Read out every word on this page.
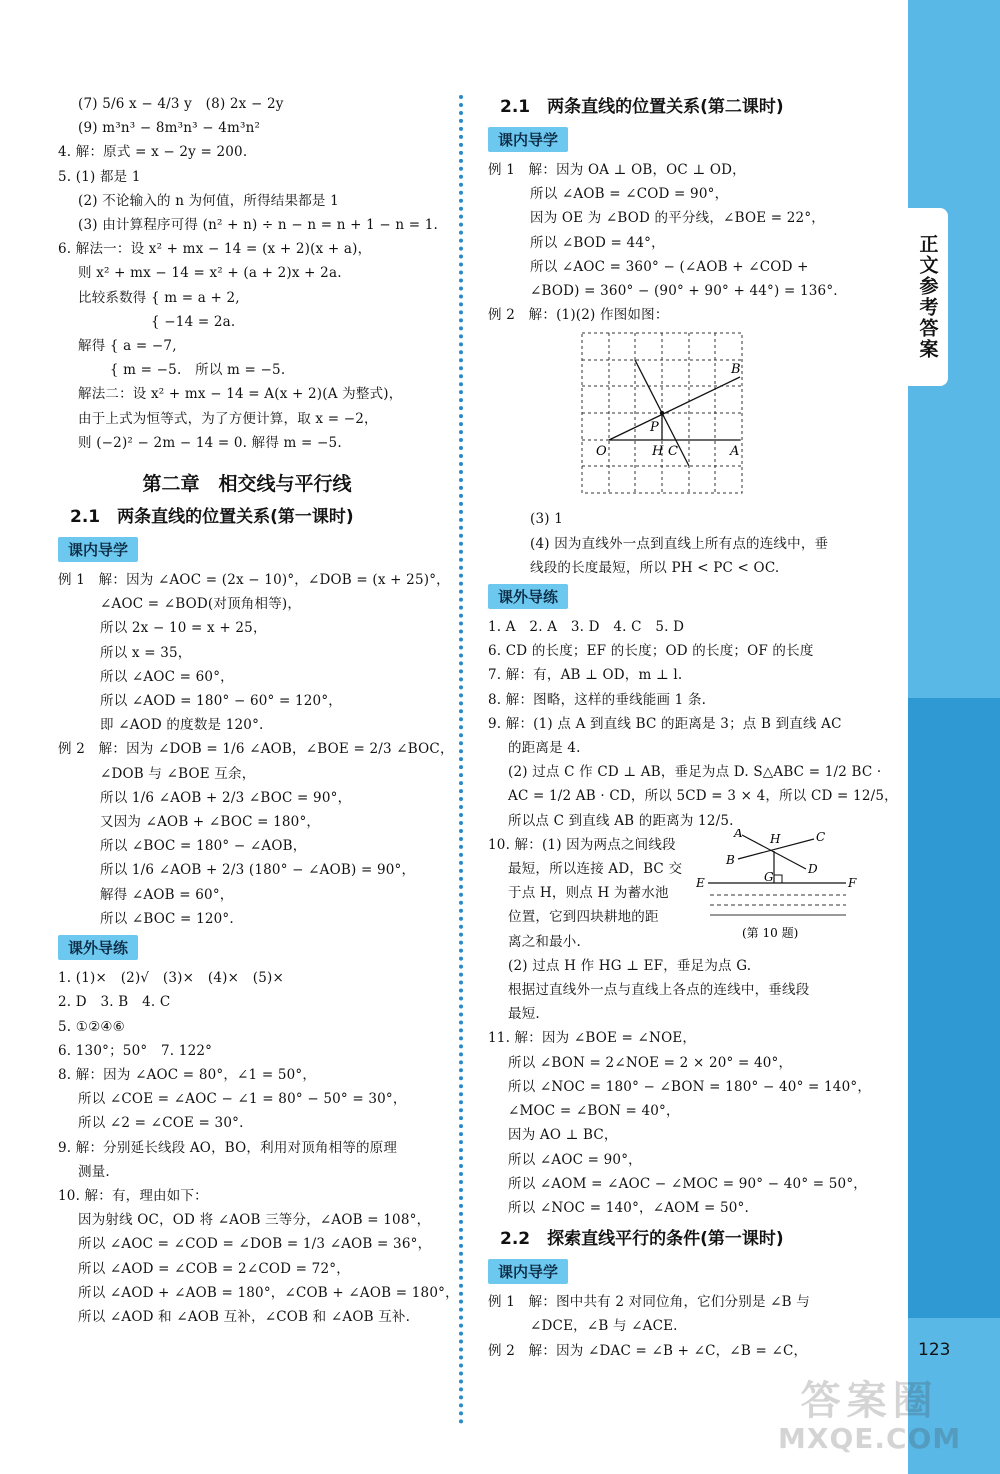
正文参考答案
(7) 5/6 x − 4/3 y　(8) 2x − 2y
(9) m³n³ − 8m³n³ − 4m³n²
4. 解：原式 = x − 2y = 200.
5. (1) 都是 1
(2) 不论输入的 n 为何值，所得结果都是 1
(3) 由计算程序可得 (n² + n) ÷ n − n = n + 1 − n = 1.
6. 解法一：设 x² + mx − 14 = (x + 2)(x + a)，
则 x² + mx − 14 = x² + (a + 2)x + 2a.
比较系数得 { m = a + 2,
　　　　　 { −14 = 2a.
解得 { a = −7,
　　 { m = −5.　所以 m = −5.
解法二：设 x² + mx − 14 = A(x + 2)(A 为整式)，
由于上式为恒等式，为了方便计算，取 x = −2，
则 (−2)² − 2m − 14 = 0. 解得 m = −5.
第二章　相交线与平行线
2.1　两条直线的位置关系(第一课时)
课内导学
例 1　解：因为 ∠AOC = (2x − 10)°，∠DOB = (x + 25)°，
∠AOC = ∠BOD(对顶角相等)，
所以 2x − 10 = x + 25，
所以 x = 35，
所以 ∠AOC = 60°，
所以 ∠AOD = 180° − 60° = 120°，
即 ∠AOD 的度数是 120°.
例 2　解：因为 ∠DOB = 1/6 ∠AOB，∠BOE = 2/3 ∠BOC，
∠DOB 与 ∠BOE 互余，
所以 1/6 ∠AOB + 2/3 ∠BOC = 90°，
又因为 ∠AOB + ∠BOC = 180°，
所以 ∠BOC = 180° − ∠AOB，
所以 1/6 ∠AOB + 2/3 (180° − ∠AOB) = 90°，
解得 ∠AOB = 60°，
所以 ∠BOC = 120°.
课外导练
1. (1)×　(2)√　(3)×　(4)×　(5)×
2. D　3. B　4. C
5. ①②④⑥
6. 130°；50°　7. 122°
8. 解：因为 ∠AOC = 80°，∠1 = 50°，
所以 ∠COE = ∠AOC − ∠1 = 80° − 50° = 30°，
所以 ∠2 = ∠COE = 30°.
9. 解：分别延长线段 AO，BO，利用对顶角相等的原理
测量.
10. 解：有，理由如下：
因为射线 OC，OD 将 ∠AOB 三等分，∠AOB = 108°，
所以 ∠AOC = ∠COD = ∠DOB = 1/3 ∠AOB = 36°，
所以 ∠AOD = ∠COB = 2∠COD = 72°，
所以 ∠AOD + ∠AOB = 180°，∠COB + ∠AOB = 180°，
所以 ∠AOD 和 ∠AOB 互补，∠COB 和 ∠AOB 互补.
2.1　两条直线的位置关系(第二课时)
课内导学
例 1　解：因为 OA ⊥ OB，OC ⊥ OD，
所以 ∠AOB = ∠COD = 90°，
因为 OE 为 ∠BOD 的平分线，∠BOE = 22°，
所以 ∠BOD = 44°，
所以 ∠AOC = 360° − (∠AOB + ∠COD +
∠BOD) = 360° − (90° + 90° + 44°) = 136°.
例 2　解：(1)(2) 作图如图：
O	H C	A
B
P
(3) 1
(4) 因为直线外一点到直线上所有点的连线中，垂
线段的长度最短，所以 PH < PC < OC.
课外导练
1. A　2. A　3. D　4. C　5. D
6. CD 的长度；EF 的长度；OD 的长度；OF 的长度
7. 解：有，AB ⊥ OD，m ⊥ l.
8. 解：图略，这样的垂线能画 1 条.
9. 解：(1) 点 A 到直线 BC 的距离是 3；点 B 到直线 AC
的距离是 4.
(2) 过点 C 作 CD ⊥ AB，垂足为点 D. S△ABC = 1/2 BC ·
AC = 1/2 AB · CD，所以 5CD = 3 × 4，所以 CD = 12/5，
所以点 C 到直线 AB 的距离为 12/5.
10. 解：(1) 因为两点之间线段
最短，所以连接 AD，BC 交
于点 H，则点 H 为蓄水池
位置，它到四块耕地的距
离之和最小.
A H	C
B
D
G
E	F
(第 10 题)
(2) 过点 H 作 HG ⊥ EF，垂足为点 G.
根据过直线外一点与直线上各点的连线中，垂线段
最短.
11. 解：因为 ∠BOE = ∠NOE，
所以 ∠BON = 2∠NOE = 2 × 20° = 40°，
所以 ∠NOC = 180° − ∠BON = 180° − 40° = 140°，
∠MOC = ∠BON = 40°，
因为 AO ⊥ BC，
所以 ∠AOC = 90°，
所以 ∠AOM = ∠AOC − ∠MOC = 90° − 40° = 50°，
所以 ∠NOC = 140°，∠AOM = 50°.
2.2　探索直线平行的条件(第一课时)
课内导学
例 1　解：图中共有 2 对同位角，它们分别是 ∠B 与
∠DCE，∠B 与 ∠ACE.
例 2　解：因为 ∠DAC = ∠B + ∠C，∠B = ∠C，	123
答案圈
MXQE.COM
